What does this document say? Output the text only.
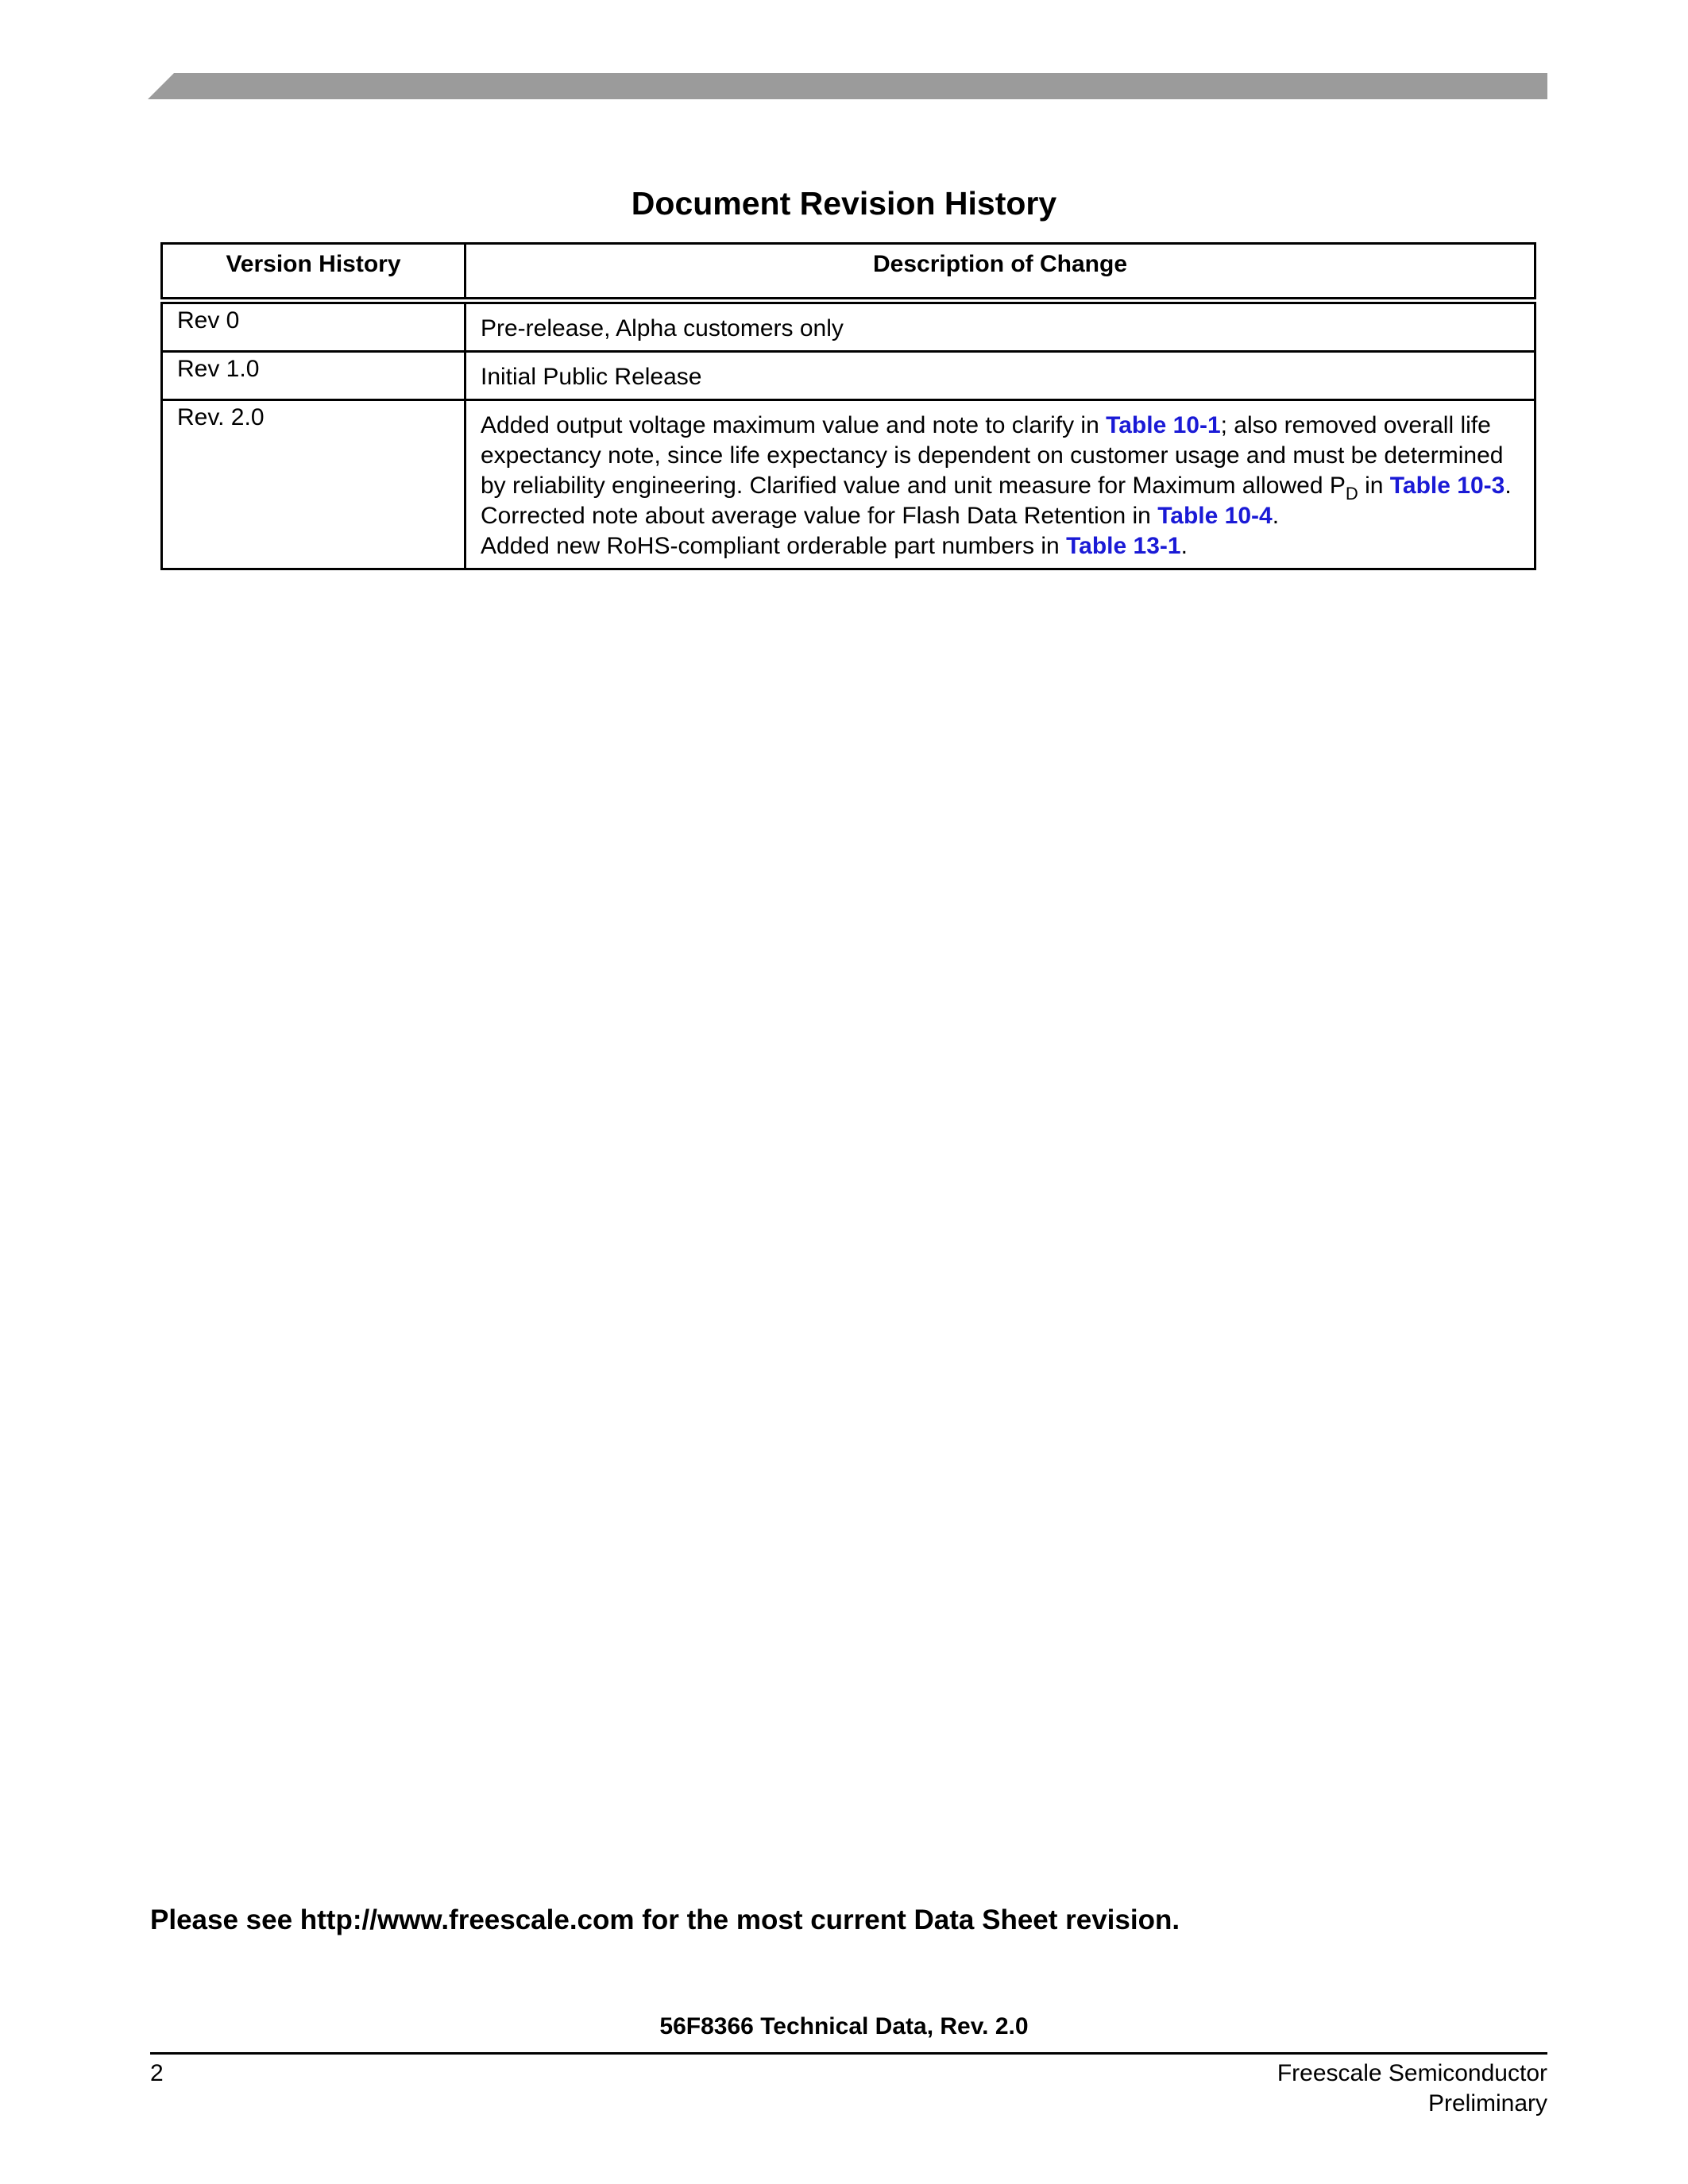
Document Revision History
Version History	Description of Change
Rev 0	Pre-release, Alpha customers only
Rev 1.0	Initial Public Release
Rev. 2.0	Added output voltage maximum value and note to clarify in Table 10-1; also removed overall life expectancy note, since life expectancy is dependent on customer usage and must be determined by reliability engineering. Clarified value and unit measure for Maximum allowed $P_D$ in Table 10-3. Corrected note about average value for Flash Data Retention in Table 10-4.
Added new RoHS-compliant orderable part numbers in Table 13-1.
Please see http://www.freescale.com for the most current Data Sheet revision.
56F8366 Technical Data, Rev. 2.0
2	Freescale Semiconductor
Preliminary
